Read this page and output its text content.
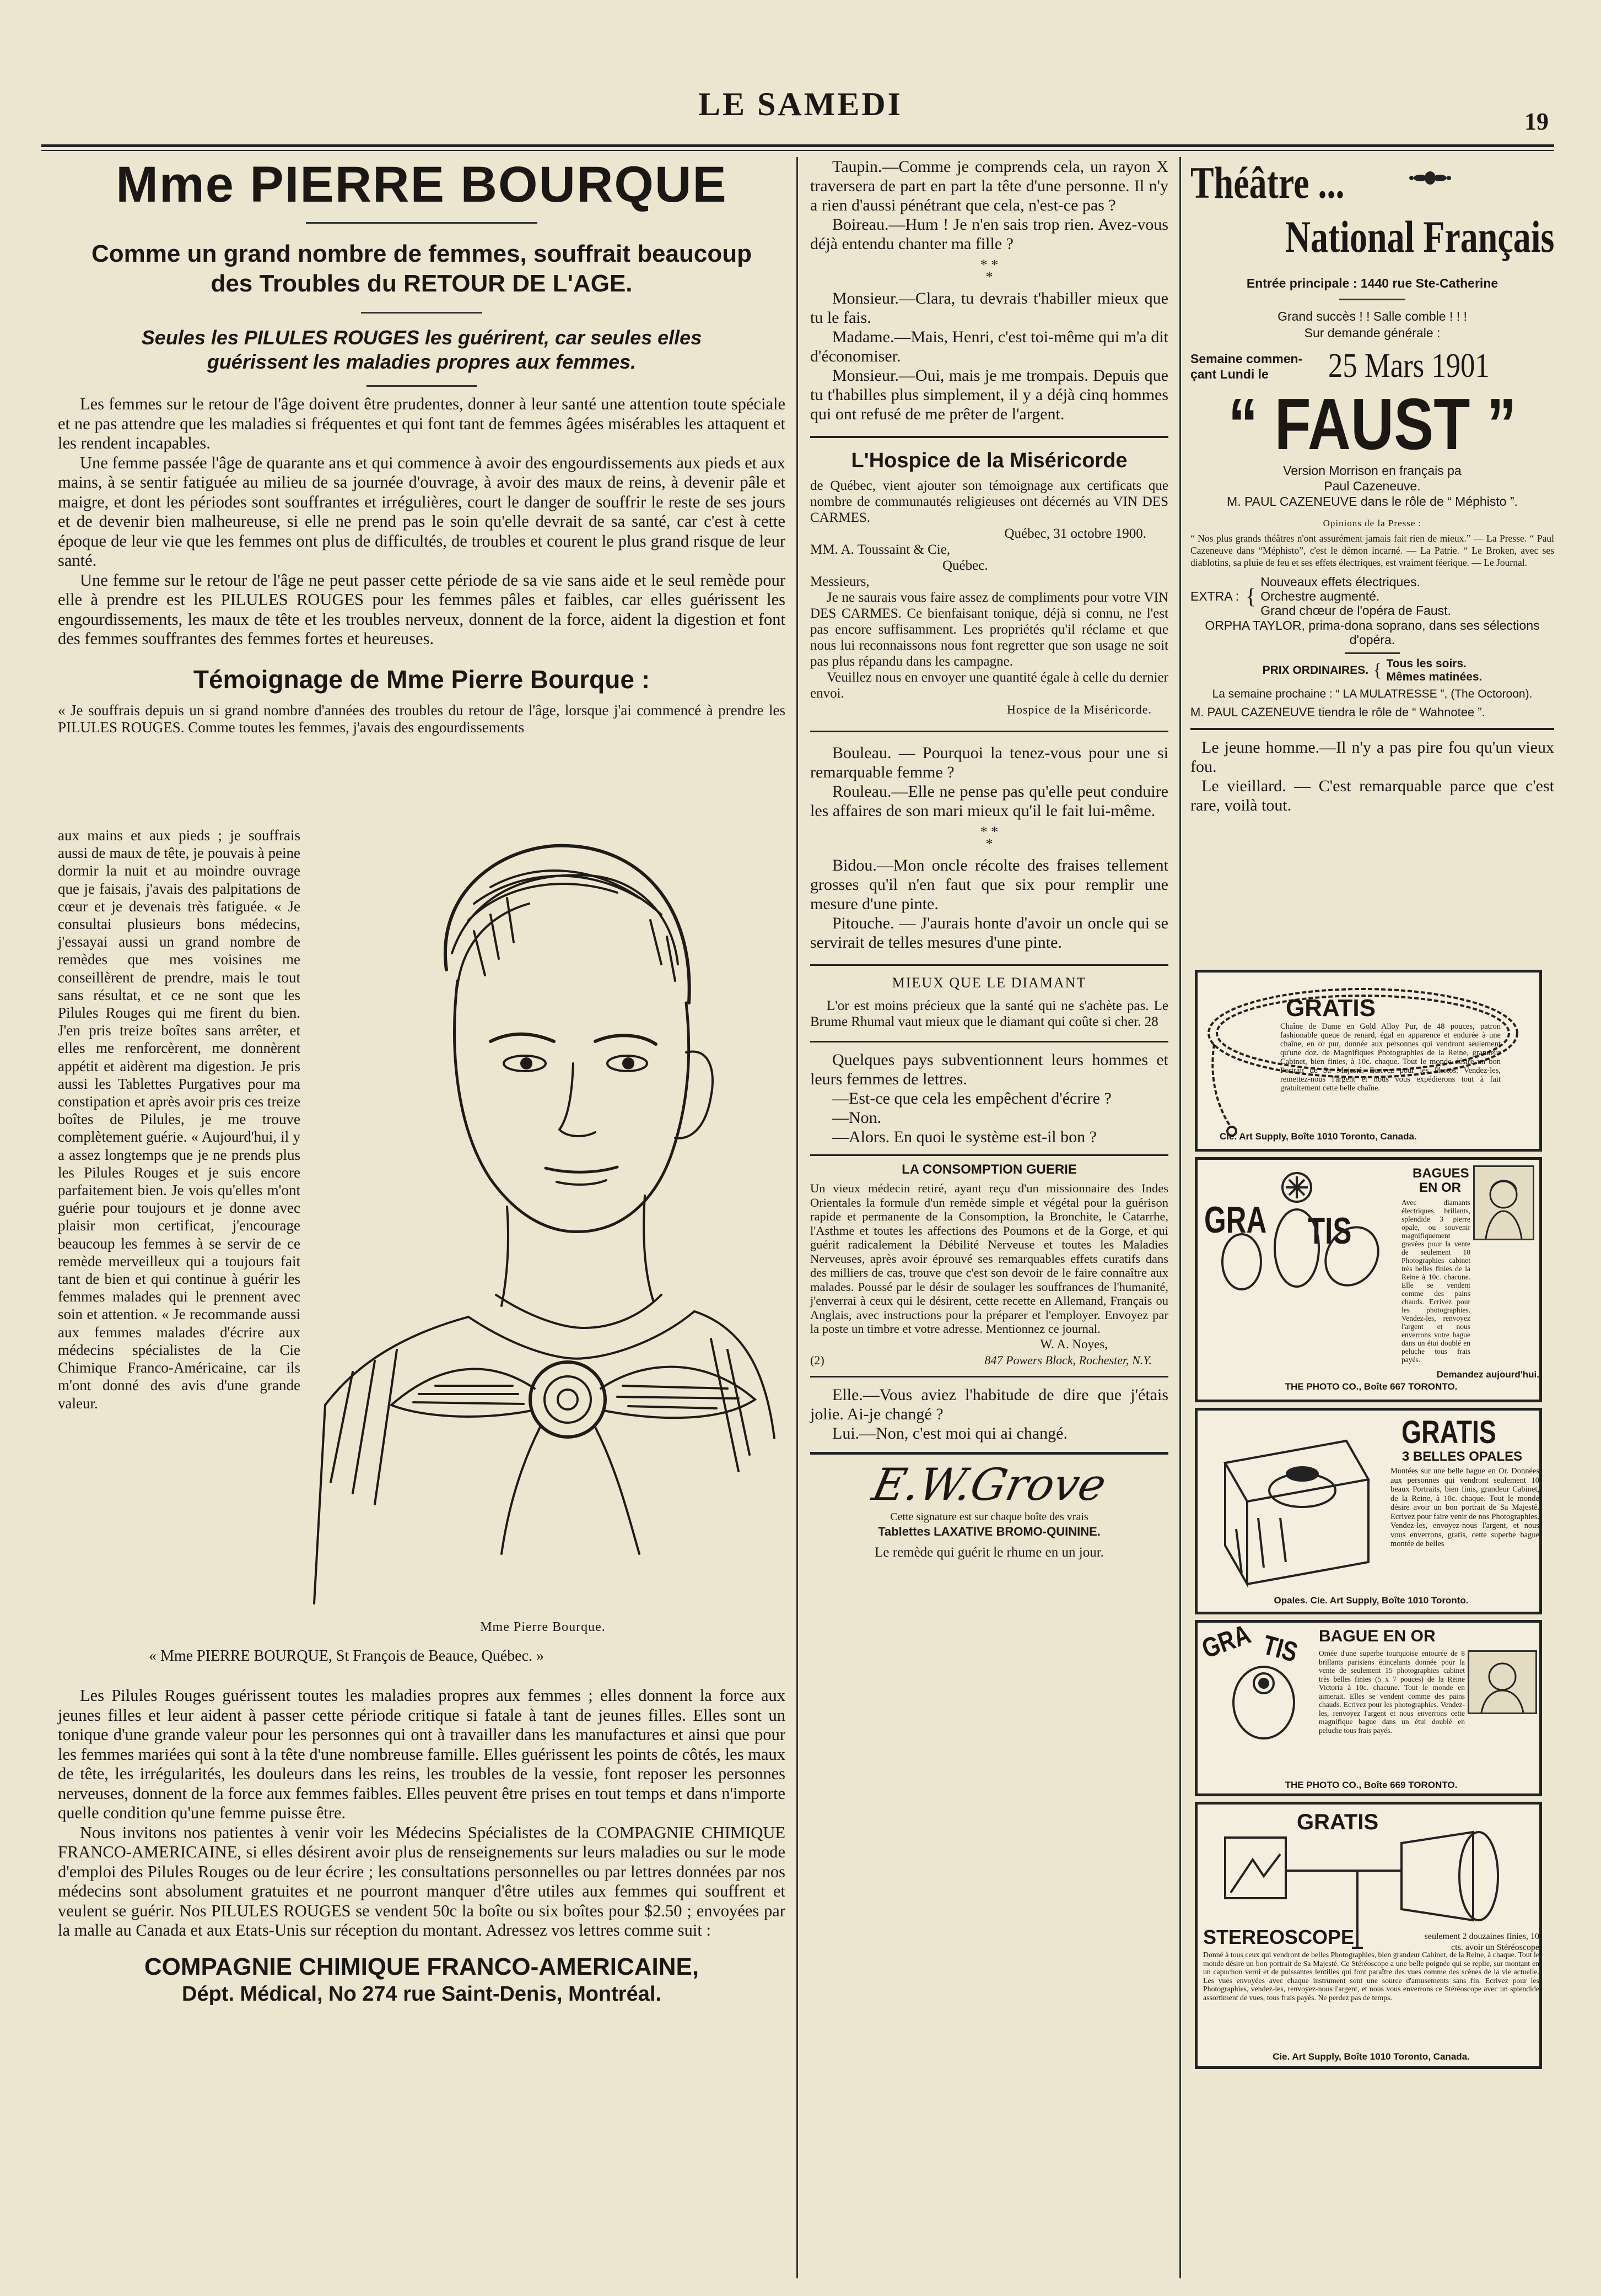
LE SAMEDI	19
Mme PIERRE BOURQUE
Comme un grand nombre de femmes, souffrait beaucoup
des Troubles du RETOUR DE L'AGE.
Seules les PILULES ROUGES les guérirent, car seules elles
guérissent les maladies propres aux femmes.

Les femmes sur le retour de l'âge doivent être prudentes, donner à leur santé une attention toute spéciale et ne pas attendre que les maladies si fréquentes et qui font tant de femmes âgées misérables les attaquent et les rendent incapables.

Une femme passée l'âge de quarante ans et qui commence à avoir des engourdissements aux pieds et aux mains, à se sentir fatiguée au milieu de sa journée d'ouvrage, à avoir des maux de reins, à devenir pâle et maigre, et dont les périodes sont souffrantes et irrégulières, court le danger de souffrir le reste de ses jours et de devenir bien malheureuse, si elle ne prend pas le soin qu'elle devrait de sa santé, car c'est à cette époque de leur vie que les femmes ont plus de difficultés, de troubles et courent le plus grand risque de leur santé.

Une femme sur le retour de l'âge ne peut passer cette période de sa vie sans aide et le seul remède pour elle à prendre est les PILULES ROUGES pour les femmes pâles et faibles, car elles guérissent les engourdissements, les maux de tête et les troubles nerveux, donnent de la force, aident la digestion et font des femmes souffrantes des femmes fortes et heureuses.

Témoignage de Mme Pierre Bourque :

« Je souffrais depuis un si grand nombre d'années des troubles du retour de l'âge, lorsque j'ai commencé à prendre les PILULES ROUGES. Comme toutes les femmes, j'avais des engourdissements

aux mains et aux pieds ; je souffrais aussi de maux de tête, je pouvais à peine dormir la nuit et au moindre ouvrage que je faisais, j'avais des palpitations de cœur et je devenais très fatiguée. « Je consultai plusieurs bons médecins, j'essayai aussi un grand nombre de remèdes que mes voisines me conseillèrent de prendre, mais le tout sans résultat, et ce ne sont que les Pilules Rouges qui me firent du bien. J'en pris treize boîtes sans arrêter, et elles me renforcèrent, me donnèrent appétit et aidèrent ma digestion. Je pris aussi les Tablettes Purgatives pour ma constipation et après avoir pris ces treize boîtes de Pilules, je me trouve complètement guérie. « Aujourd'hui, il y a assez longtemps que je ne prends plus les Pilules Rouges et je suis encore parfaitement bien. Je vois qu'elles m'ont guérie pour toujours et je donne avec plaisir mon certificat, j'encourage beaucoup les femmes à se servir de ce remède merveilleux qui a toujours fait tant de bien et qui continue à guérir les femmes malades qui le prennent avec soin et attention. « Je recommande aussi aux femmes malades d'écrire aux médecins spécialistes de la Cie Chimique Franco-Américaine, car ils m'ont donné des avis d'une grande valeur.

Mme Pierre Bourque.
« Mme PIERRE BOURQUE, St François de Beauce, Québec. »

Les Pilules Rouges guérissent toutes les maladies propres aux femmes ; elles donnent la force aux jeunes filles et leur aident à passer cette période critique si fatale à tant de jeunes filles. Elles sont un tonique d'une grande valeur pour les personnes qui ont à travailler dans les manufactures et ainsi que pour les femmes mariées qui sont à la tête d'une nombreuse famille. Elles guérissent les points de côtés, les maux de tête, les irrégularités, les douleurs dans les reins, les troubles de la vessie, font reposer les personnes nerveuses, donnent de la force aux femmes faibles. Elles peuvent être prises en tout temps et dans n'importe quelle condition qu'une femme puisse être.

Nous invitons nos patientes à venir voir les Médecins Spécialistes de la COMPAGNIE CHIMIQUE FRANCO-AMERICAINE, si elles désirent avoir plus de renseignements sur leurs maladies ou sur le mode d'emploi des Pilules Rouges ou de leur écrire ; les consultations personnelles ou par lettres données par nos médecins sont absolument gratuites et ne pourront manquer d'être utiles aux femmes qui souffrent et veulent se guérir. Nos PILULES ROUGES se vendent 50c la boîte ou six boîtes pour $2.50 ; envoyées par la malle au Canada et aux Etats-Unis sur réception du montant. Adressez vos lettres comme suit :

COMPAGNIE CHIMIQUE FRANCO-AMERICAINE,
Dépt. Médical, No 274 rue Saint-Denis, Montréal.

Taupin.—Comme je comprends cela, un rayon X traversera de part en part la tête d'une personne. Il n'y a rien d'aussi pénétrant que cela, n'est-ce pas ?

Boireau.—Hum ! Je n'en sais trop rien. Avez-vous déjà entendu chanter ma fille ?

* *
*

Monsieur.—Clara, tu devrais t'habiller mieux que tu le fais.

Madame.—Mais, Henri, c'est toi-même qui m'a dit d'économiser.

Monsieur.—Oui, mais je me trompais. Depuis que tu t'habilles plus simplement, il y a déjà cinq hommes qui ont refusé de me prêter de l'argent.

L'Hospice de la Miséricorde

de Québec, vient ajouter son témoignage aux certificats que nombre de communautés religieuses ont décernés au VIN DES CARMES.

Québec, 31 octobre 1900.
MM. A. Toussaint & Cie,
Québec.
Messieurs,

Je ne saurais vous faire assez de compliments pour votre VIN DES CARMES. Ce bienfaisant tonique, déjà si connu, ne l'est pas encore suffisamment. Les propriétés qu'il réclame et que nous lui reconnaissons nous font regretter que son usage ne soit pas plus répandu dans les campagne.

Veuillez nous en envoyer une quantité égale à celle du dernier envoi.

Hospice de la Miséricorde.

Bouleau. — Pourquoi la tenez-vous pour une si remarquable femme ?

Rouleau.—Elle ne pense pas qu'elle peut conduire les affaires de son mari mieux qu'il le fait lui-même.

* *
*

Bidou.—Mon oncle récolte des fraises tellement grosses qu'il n'en faut que six pour remplir une mesure d'une pinte.

Pitouche. — J'aurais honte d'avoir un oncle qui se servirait de telles mesures d'une pinte.

MIEUX QUE LE DIAMANT

L'or est moins précieux que la santé qui ne s'achète pas. Le Brume Rhumal vaut mieux que le diamant qui coûte si cher. 28

Quelques pays subventionnent leurs hommes et leurs femmes de lettres.

—Est-ce que cela les empêchent d'écrire ?

—Non.

—Alors. En quoi le système est-il bon ?

LA CONSOMPTION GUERIE

Un vieux médecin retiré, ayant reçu d'un missionnaire des Indes Orientales la formule d'un remède simple et végétal pour la guérison rapide et permanente de la Consomption, la Bronchite, le Catarrhe, l'Asthme et toutes les affections des Poumons et de la Gorge, et qui guérit radicalement la Débilité Nerveuse et toutes les Maladies Nerveuses, après avoir éprouvé ses remarquables effets curatifs dans des milliers de cas, trouve que c'est son devoir de le faire connaître aux malades. Poussé par le désir de soulager les souffrances de l'humanité, j'enverrai à ceux qui le désirent, cette recette en Allemand, Français ou Anglais, avec instructions pour la préparer et l'employer. Envoyez par la poste un timbre et votre adresse. Mentionnez ce journal.

W. A. Noyes,
(2)	847 Powers Block, Rochester, N.Y.

Elle.—Vous aviez l'habitude de dire que j'étais jolie. Ai-je changé ?

Lui.—Non, c'est moi qui ai changé.

E.W.Grove
Cette signature est sur chaque boîte des vrais
Tablettes LAXATIVE BROMO-QUININE.
Le remède qui guérit le rhume en un jour.
Théâtre ...
National Français
Entrée principale : 1440 rue Ste-Catherine
Grand succès ! ! Salle comble ! ! !
Sur demande générale :
Semaine commen-
çant Lundi le	25 Mars 1901
“ FAUST ”
Version Morrison en français pa
Paul Cazeneuve.
M. PAUL CAZENEUVE dans le rôle de “ Méphisto ”.
Opinions de la Presse :

“ Nos plus grands théâtres n'ont assurément jamais fait rien de mieux.” — La Presse. “ Paul Cazeneuve dans “Méphisto”, c'est le démon incarné. — La Patrie. “ Le Broken, avec ses diablotins, sa pluie de feu et ses effets électriques, est vraiment féerique. — Le Journal.

EXTRA : {
Nouveaux effets électriques.
Orchestre augmenté.
Grand chœur de l'opéra de Faust.
ORPHA TAYLOR, prima-dona soprano, dans ses sélections d'opéra.
PRIX ORDINAIRES. { Tous les soirs.
Mêmes matinées.
La semaine prochaine : “ LA MULATRESSE ”, (The Octoroon).
M. PAUL CAZENEUVE tiendra le rôle de “ Wahnotee ”.

Le jeune homme.—Il n'y a pas pire fou qu'un vieux fou.

Le vieillard. — C'est remarquable parce que c'est rare, voilà tout.

GRATIS

Chaîne de Dame en Gold Alloy Pur, de 48 pouces, patron fashionable queue de renard, égal en apparence et endurée à une chaîne, en or pur, donnée aux personnes qui vendront seulement qu'une doz. de Magnifiques Photographies de la Reine, grandeur Cabinet, bien finies, à 10c. chaque. Tout le monde désire un bon Portrait de Sa Majesté. Ecrivez pour les Photos. Vendez-les, remettez-nous l'argent et nous vous expédierons tout à fait gratuitement cette belle chaîne.

Cie. Art Supply, Boîte 1010 Toronto, Canada.
GRA TIS
BAGUES EN OR

Avec diamants électriques brillants, splendide 3 pierre opale, ou souvenir magnifiquement gravées pour la vente de seulement 10 Photographies cabinet très belles finies de la Reine à 10c. chacune. Elle se vendent comme des pains chauds. Ecrivez pour les photographies. Vendez-les, renvoyez l'argent et nous enverrons votre bague dans un étui doublé en peluche tous frais payés.

Demandez aujourd'hui.
THE PHOTO CO., Boîte 667 TORONTO.
GRATIS
3 BELLES OPALES

Montées sur une belle bague en Or. Données aux personnes qui vendront seulement 10 beaux Portraits, bien finis, grandeur Cabinet, de la Reine, à 10c. chaque. Tout le monde désire avoir un bon portrait de Sa Majesté. Ecrivez pour faire venir de nos Photographies. Vendez-les, envoyez-nous l'argent, et nous vous enverrons, gratis, cette superbe bague montée de belles

Opales. Cie. Art Supply, Boîte 1010 Toronto.
GRA TIS BAGUE EN OR

Ornée d'une superbe tourquoise entourée de 8 brillants parisiens étincelants donnée pour la vente de seulement 15 photographies cabinet très belles finies (5 x 7 pouces) de la Reine Victoria à 10c. chacune. Tout le monde en aimerait. Elles se vendent comme des pains chauds. Ecrivez pour les photographies. Vendez-les, renvoyez l'argent et nous enverrons cette magnifique bague dans un étui doublé en peluche tous frais payés.

THE PHOTO CO., Boîte 669 TORONTO.
GRATIS
STEREOSCOPE	seulement 2 douzaines finies, 10 cts. avoir un Stéréoscope

Donné à tous ceux qui vendront de belles Photographies, bien grandeur Cabinet, de la Reine, à chaque. Tout le monde désire un bon portrait de Sa Majesté. Ce Stéréoscope a une belle poignée qui se replie, sur montant en un capuchon verni et de puissantes lentilles qui font paraître des vues comme des scènes de la vie actuelle. Les vues envoyées avec chaque instrument sont une source d'amusements sans fin. Ecrivez pour les Photographies, vendez-les, renvoyez-nous l'argent, et nous vous enverrons ce Stéréoscope avec un splendide assortiment de vues, tous frais payés. Ne perdez pas de temps.

Cie. Art Supply, Boîte 1010 Toronto, Canada.
